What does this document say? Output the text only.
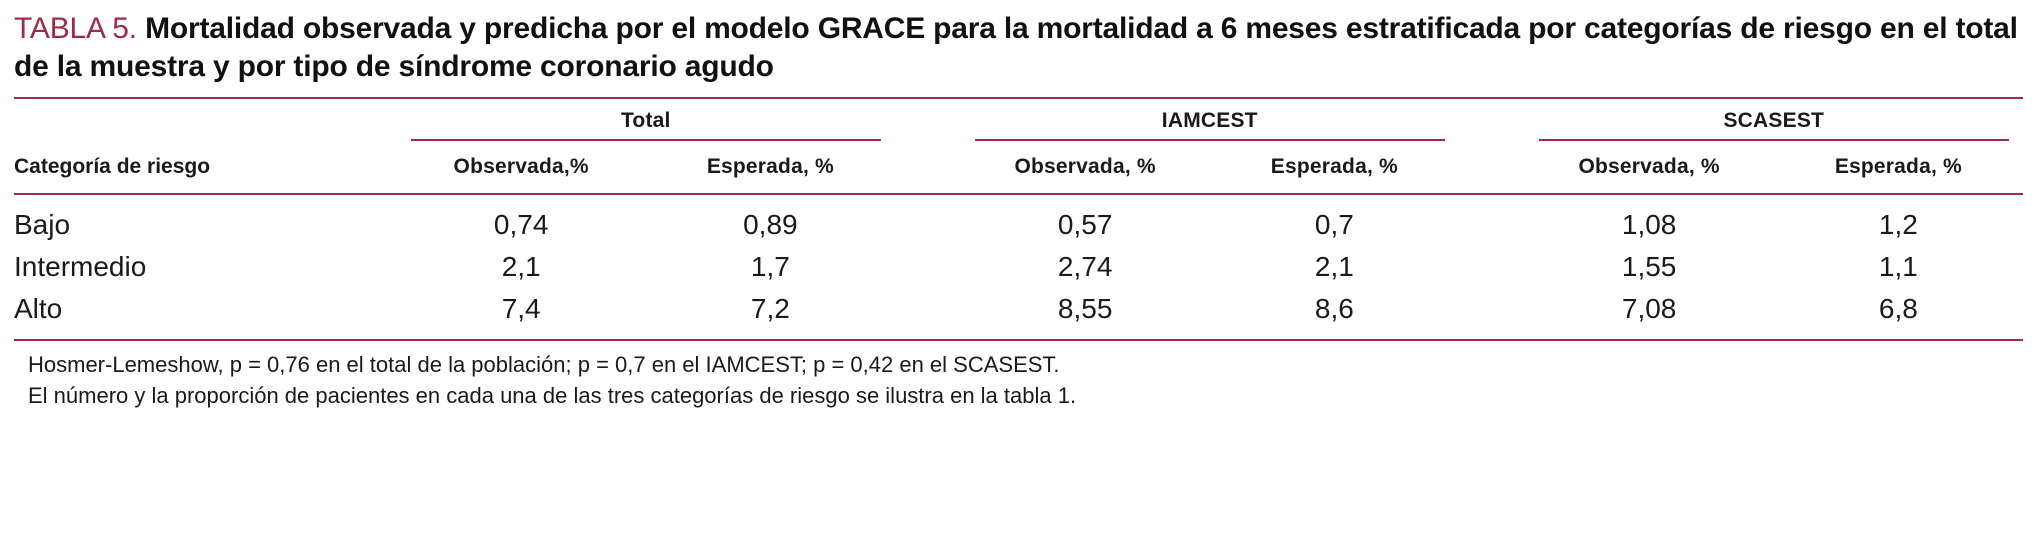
TABLA 5. Mortalidad observada y predicha por el modelo GRACE para la mortalidad a 6 meses estratificada por categorías de riesgo en el total de la muestra y por tipo de síndrome coronario agudo
Categoría de riesgo	Total			IAMCEST			SCASEST	

	Observada,%	Esperada, %		Observada, %	Esperada, %		Observada, %	Esperada, %

Bajo	0,74	0,89		0,57	0,7		1,08	1,2
Intermedio	2,1	1,7		2,74	2,1		1,55	1,1
Alto	7,4	7,2		8,55	8,6		7,08	6,8

Hosmer-Lemeshow, p = 0,76 en el total de la población; p = 0,7 en el IAMCEST; p = 0,42 en el SCASEST.

El número y la proporción de pacientes en cada una de las tres categorías de riesgo se ilustra en la tabla 1.
